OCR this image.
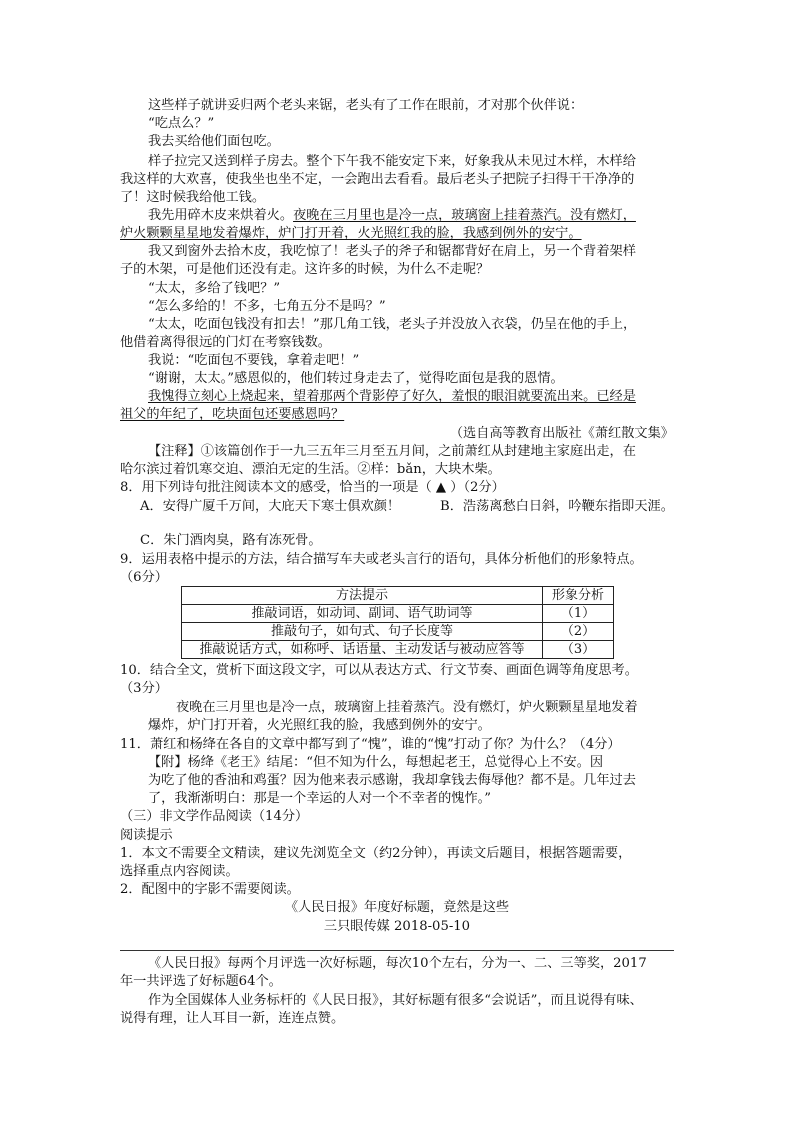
这些样子就讲妥归两个老头来锯，老头有了工作在眼前，才对那个伙伴说：
“吃点么？”
我去买给他们面包吃。
样子拉完又送到样子房去。整个下午我不能安定下来，好象我从未见过木样，木样给
我这样的大欢喜，使我坐也坐不定，一会跑出去看看。最后老头子把院子扫得干干净净的
了！这时候我给他工钱。
我先用碎木皮来烘着火。夜晚在三月里也是冷一点，玻璃窗上挂着蒸汽。没有燃灯，
炉火颗颗星星地发着爆炸，炉门打开着，火光照红我的脸，我感到例外的安宁。
我又到窗外去拾木皮，我吃惊了！老头子的斧子和锯都背好在肩上，另一个背着架样
子的木架，可是他们还没有走。这许多的时候，为什么不走呢？
“太太，多给了钱吧？”
“怎么多给的！不多，七角五分不是吗？”
“太太，吃面包钱没有扣去！”那几角工钱，老头子并没放入衣袋，仍呈在他的手上，
他借着离得很远的门灯在考察钱数。
我说：“吃面包不要钱，拿着走吧！”
“谢谢，太太。”感恩似的，他们转过身走去了，觉得吃面包是我的恩情。
我愧得立刻心上烧起来，望着那两个背影停了好久，羞恨的眼泪就要流出来。已经是
祖父的年纪了，吃块面包还要感恩吗？
（选自高等教育出版社《萧红散文集》
【注释】①该篇创作于一九三五年三月至五月间，之前萧红从封建地主家庭出走，在
哈尔滨过着饥寒交迫、漂泊无定的生活。②样：bǎn，大块木柴。
8．用下列诗句批注阅读本文的感受，恰当的一项是（ ▲ ）（2分）
A．安得广厦千万间，大庇天下寒士俱欢颜！	B．浩荡离愁白日斜，吟鞭东指即天涯。
C．朱门酒肉臭，路有冻死骨。
9．运用表格中提示的方法，结合描写车夫或老头言行的语句，具体分析他们的形象特点。
（6分）
方法提示	形象分析
推敲词语，如动词、副词、语气助词等	（1）
推敲句子，如句式、句子长度等	（2）
推敲说话方式，如称呼、话语量、主动发话与被动应答等	（3）
10．结合全文，赏析下面这段文字，可以从表达方式、行文节奏、画面色调等角度思考。
（3分）
夜晚在三月里也是冷一点，玻璃窗上挂着蒸汽。没有燃灯，炉火颗颗星星地发着
爆炸，炉门打开着，火光照红我的脸，我感到例外的安宁。
11．萧红和杨绛在各自的文章中都写到了“愧”，谁的“愧”打动了你？为什么？（4分）
【附】杨绛《老王》结尾：“但不知为什么，每想起老王，总觉得心上不安。因
为吃了他的香油和鸡蛋？因为他来表示感谢，我却拿钱去侮辱他？都不是。几年过去
了，我渐渐明白：那是一个幸运的人对一个不幸者的愧怍。”
（三）非文学作品阅读（14分）
阅读提示
1．本文不需要全文精读，建议先浏览全文（约2分钟），再读文后题目，根据答题需要，
选择重点内容阅读。
2．配图中的字影不需要阅读。
《人民日报》年度好标题，竟然是这些
三只眼传媒 2018-05-10
《人民日报》每两个月评选一次好标题，每次10个左右，分为一、二、三等奖，2017
年一共评选了好标题64个。
作为全国媒体人业务标杆的《人民日报》，其好标题有很多“会说话”，而且说得有味、
说得有理，让人耳目一新，连连点赞。
